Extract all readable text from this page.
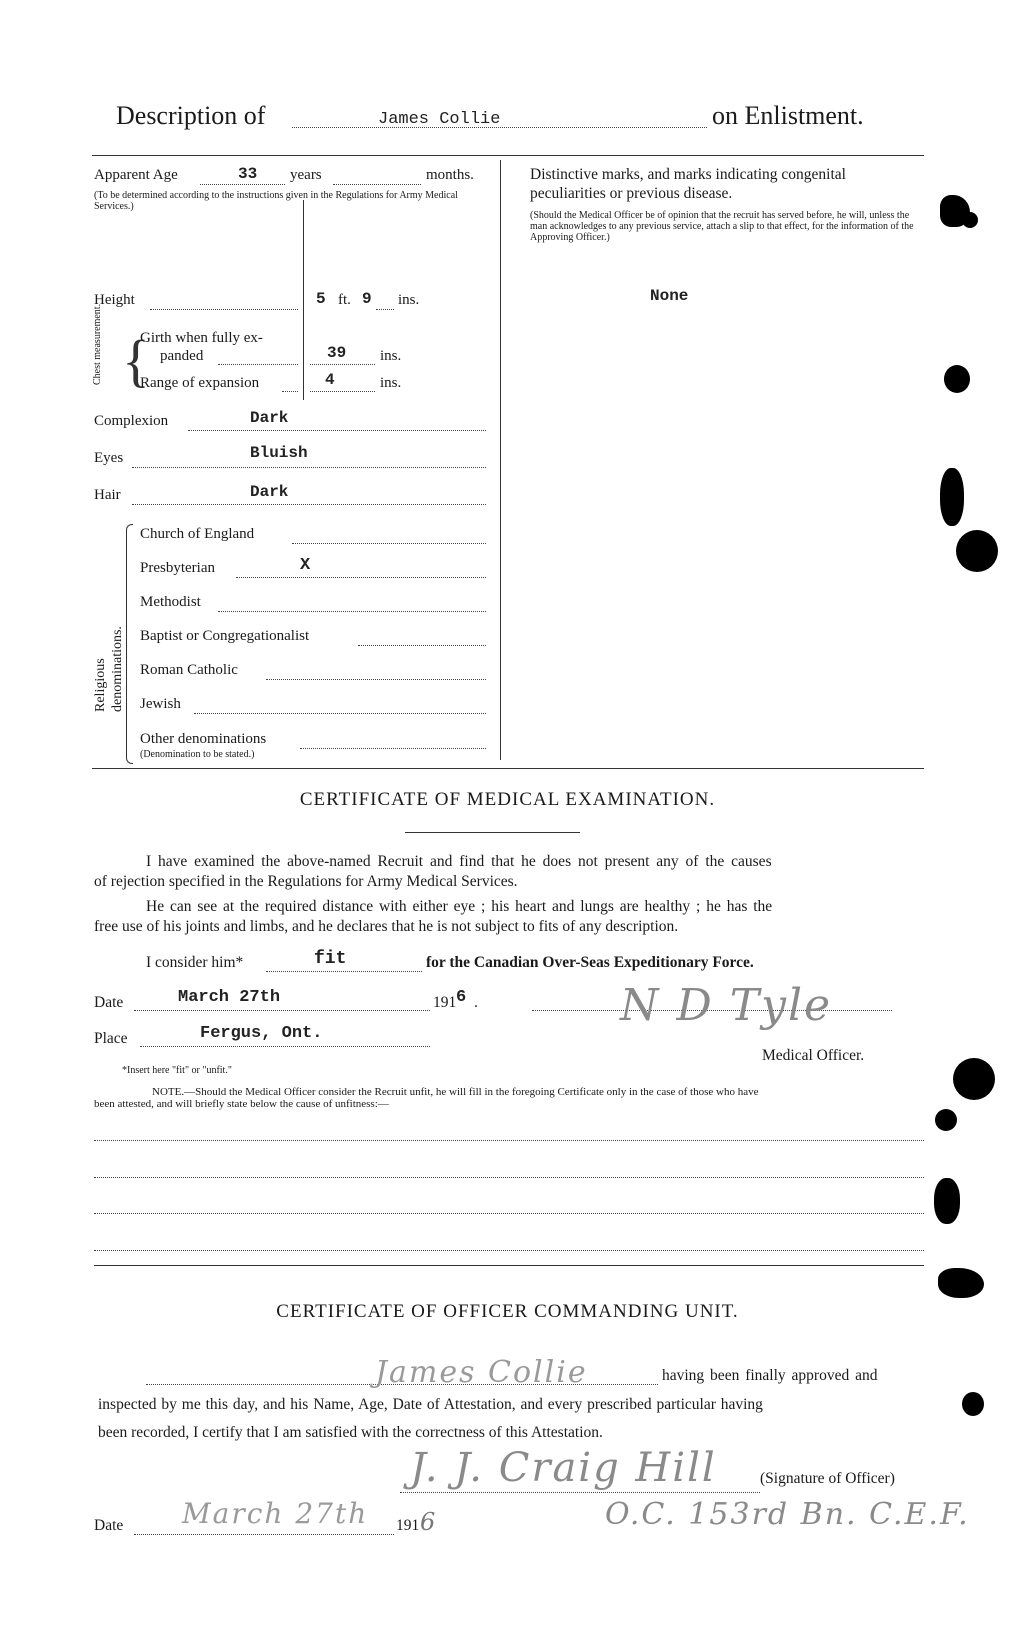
Description of	James Collie	on Enlistment.
Apparent Age	33 years	months.
(To be determined according to the instructions given in the Regulations for Army Medical Services.)
Distinctive marks, and marks indicating congenital peculiarities or previous disease.
(Should the Medical Officer be of opinion that the recruit has served before, he will, unless the man acknowledges to any previous service, attach a slip to that effect, for the information of the Approving Officer.)
None
Height	5 ft. 9 ins.
Chest measurement. {
Girth when fully ex-
panded	39 ins.
Range of expansion	4	ins.
Complexion	Dark
Eyes	Bluish
Hair	Dark
Religious denominations.
Church of England
Presbyterian	X
Methodist
Baptist or Congregationalist
Roman Catholic
Jewish
Other denominations
(Denomination to be stated.)
CERTIFICATE OF MEDICAL EXAMINATION.
I have examined the above-named Recruit and find that he does not present any of the causes
of rejection specified in the Regulations for Army Medical Services.
He can see at the required distance with either eye ; his heart and lungs are healthy ; he has the
free use of his joints and limbs, and he declares that he is not subject to fits of any description.
I consider him*	fit	for the Canadian Over-Seas Expeditionary Force.
Date	March 27th	191 6 .
Place	Fergus, Ont.
N D Tyle
Medical Officer.
*Insert here "fit" or "unfit."
NOTE.—Should the Medical Officer consider the Recruit unfit, he will fill in the foregoing Certificate only in the case of those who have
been attested, and will briefly state below the cause of unfitness:—
CERTIFICATE OF OFFICER COMMANDING UNIT.
James Collie	having been finally approved and
inspected by me this day, and his Name, Age, Date of Attestation, and every prescribed particular having
been recorded, I certify that I am satisfied with the correctness of this Attestation.
J. J. Craig Hill	(Signature of Officer)
O.C. 153rd Bn. C.E.F.
Date March 27th 191 6
